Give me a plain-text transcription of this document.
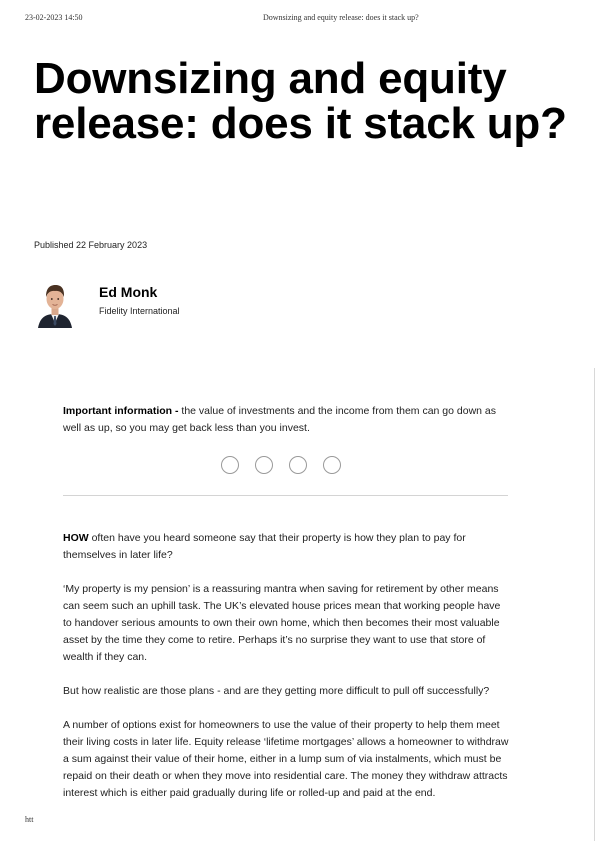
23-02-2023 14:50	Downsizing and equity release: does it stack up?
Downsizing and equity release: does it stack up?
Published 22 February 2023
Ed Monk
Fidelity International

Important information - the value of investments and the income from them can go down as well as up, so you may get back less than you invest.

HOW often have you heard someone say that their property is how they plan to pay for themselves in later life?

‘My property is my pension’ is a reassuring mantra when saving for retirement by other means can seem such an uphill task. The UK’s elevated house prices mean that working people have to handover serious amounts to own their own home, which then becomes their most valuable asset by the time they come to retire. Perhaps it’s no surprise they want to use that store of wealth if they can.

But how realistic are those plans - and are they getting more difficult to pull off successfully?

A number of options exist for homeowners to use the value of their property to help them meet their living costs in later life. Equity release ‘lifetime mortgages’ allows a homeowner to withdraw a sum against their value of their home, either in a lump sum of via instalments, which must be repaid on their death or when they move into residential care. The money they withdraw attracts interest which is either paid gradually during life or rolled-up and paid at the end.

htt
